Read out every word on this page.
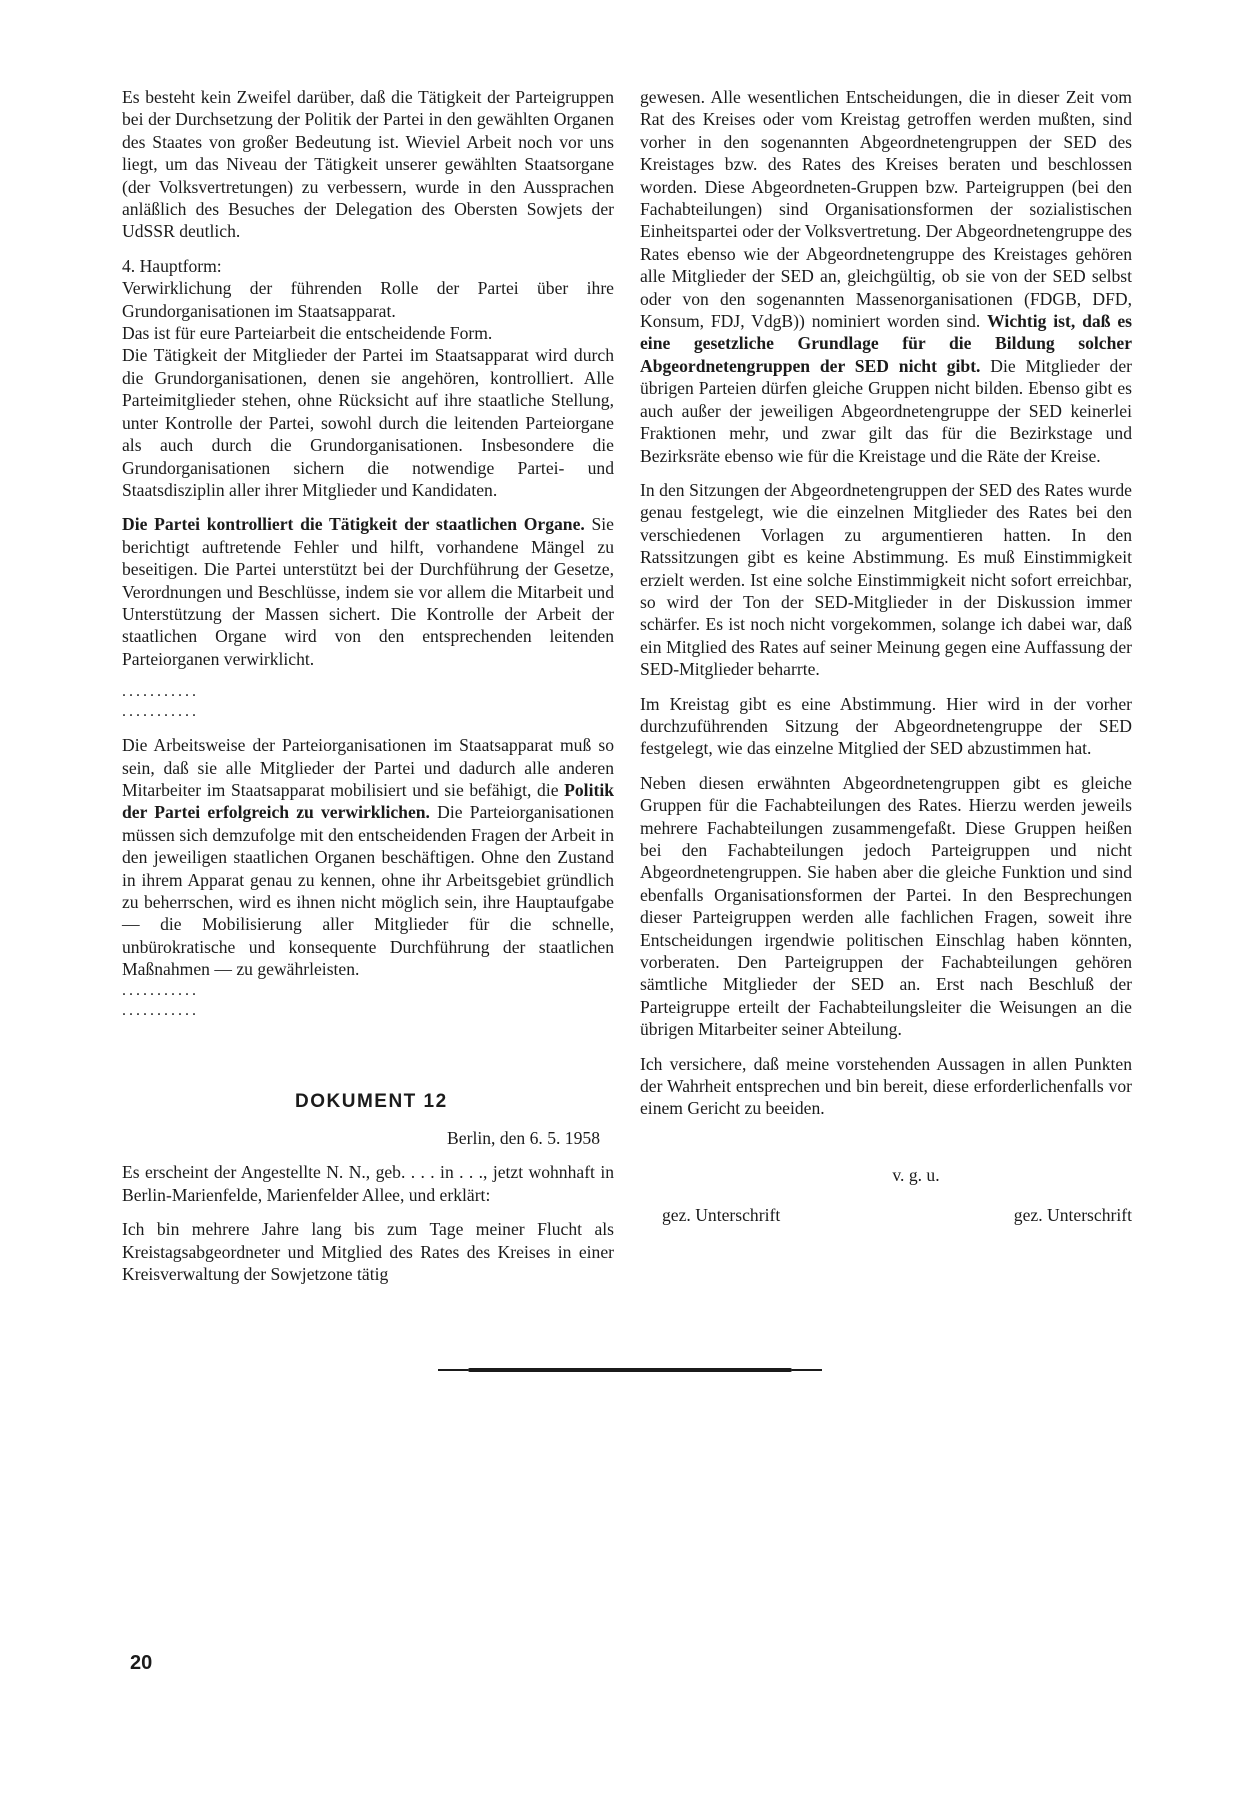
Es besteht kein Zweifel darüber, daß die Tätigkeit der Parteigruppen bei der Durchsetzung der Politik der Partei in den gewählten Organen des Staates von großer Bedeutung ist. Wieviel Arbeit noch vor uns liegt, um das Niveau der Tätigkeit unserer gewählten Staatsorgane (der Volksvertretungen) zu verbessern, wurde in den Aussprachen anläßlich des Besuches der Delegation des Obersten Sowjets der UdSSR deutlich.

4. Hauptform:

Verwirklichung der führenden Rolle der Partei über ihre Grundorganisationen im Staatsapparat.

Das ist für eure Parteiarbeit die entscheidende Form.

Die Tätigkeit der Mitglieder der Partei im Staatsapparat wird durch die Grundorganisationen, denen sie angehören, kontrolliert. Alle Parteimitglieder stehen, ohne Rücksicht auf ihre staatliche Stellung, unter Kontrolle der Partei, sowohl durch die leitenden Parteiorgane als auch durch die Grundorganisationen. Insbesondere die Grundorganisationen sichern die notwendige Partei- und Staatsdisziplin aller ihrer Mitglieder und Kandidaten.

Die Partei kontrolliert die Tätigkeit der staatlichen Organe. Sie berichtigt auftretende Fehler und hilft, vorhandene Mängel zu beseitigen. Die Partei unterstützt bei der Durchführung der Gesetze, Verordnungen und Beschlüsse, indem sie vor allem die Mitarbeit und Unterstützung der Massen sichert. Die Kontrolle der Arbeit der staatlichen Organe wird von den entsprechenden leitenden Parteiorganen verwirklicht.

...........

...........

Die Arbeitsweise der Parteiorganisationen im Staatsapparat muß so sein, daß sie alle Mitglieder der Partei und dadurch alle anderen Mitarbeiter im Staatsapparat mobilisiert und sie befähigt, die Politik der Partei erfolgreich zu verwirklichen. Die Parteiorganisationen müssen sich demzufolge mit den entscheidenden Fragen der Arbeit in den jeweiligen staatlichen Organen beschäftigen. Ohne den Zustand in ihrem Apparat genau zu kennen, ohne ihr Arbeitsgebiet gründlich zu beherrschen, wird es ihnen nicht möglich sein, ihre Hauptaufgabe — die Mobilisierung aller Mitglieder für die schnelle, unbürokratische und konsequente Durchführung der staatlichen Maßnahmen — zu gewährleisten.

...........

...........

DOKUMENT 12

Berlin, den 6. 5. 1958

Es erscheint der Angestellte N. N., geb. . . . in . . ., jetzt wohnhaft in Berlin-Marienfelde, Marienfelder Allee, und erklärt:

Ich bin mehrere Jahre lang bis zum Tage meiner Flucht als Kreistagsabgeordneter und Mitglied des Rates des Kreises in einer Kreisverwaltung der Sowjetzone tätig

gewesen. Alle wesentlichen Entscheidungen, die in dieser Zeit vom Rat des Kreises oder vom Kreistag getroffen werden mußten, sind vorher in den sogenannten Abgeordnetengruppen der SED des Kreistages bzw. des Rates des Kreises beraten und beschlossen worden. Diese Abgeordneten-Gruppen bzw. Parteigruppen (bei den Fachabteilungen) sind Organisationsformen der sozialistischen Einheitspartei oder der Volksvertretung. Der Abgeordnetengruppe des Rates ebenso wie der Abgeordnetengruppe des Kreistages gehören alle Mitglieder der SED an, gleichgültig, ob sie von der SED selbst oder von den sogenannten Massenorganisationen (FDGB, DFD, Konsum, FDJ, VdgB)) nominiert worden sind. Wichtig ist, daß es eine gesetzliche Grundlage für die Bildung solcher Abgeordnetengruppen der SED nicht gibt. Die Mitglieder der übrigen Parteien dürfen gleiche Gruppen nicht bilden. Ebenso gibt es auch außer der jeweiligen Abgeordnetengruppe der SED keinerlei Fraktionen mehr, und zwar gilt das für die Bezirkstage und Bezirksräte ebenso wie für die Kreistage und die Räte der Kreise.

In den Sitzungen der Abgeordnetengruppen der SED des Rates wurde genau festgelegt, wie die einzelnen Mitglieder des Rates bei den verschiedenen Vorlagen zu argumentieren hatten. In den Ratssitzungen gibt es keine Abstimmung. Es muß Einstimmigkeit erzielt werden. Ist eine solche Einstimmigkeit nicht sofort erreichbar, so wird der Ton der SED-Mitglieder in der Diskussion immer schärfer. Es ist noch nicht vorgekommen, solange ich dabei war, daß ein Mitglied des Rates auf seiner Meinung gegen eine Auffassung der SED-Mitglieder beharrte.

Im Kreistag gibt es eine Abstimmung. Hier wird in der vorher durchzuführenden Sitzung der Abgeordnetengruppe der SED festgelegt, wie das einzelne Mitglied der SED abzustimmen hat.

Neben diesen erwähnten Abgeordnetengruppen gibt es gleiche Gruppen für die Fachabteilungen des Rates. Hierzu werden jeweils mehrere Fachabteilungen zusammengefaßt. Diese Gruppen heißen bei den Fachabteilungen jedoch Parteigruppen und nicht Abgeordnetengruppen. Sie haben aber die gleiche Funktion und sind ebenfalls Organisationsformen der Partei. In den Besprechungen dieser Parteigruppen werden alle fachlichen Fragen, soweit ihre Entscheidungen irgendwie politischen Einschlag haben könnten, vorberaten. Den Parteigruppen der Fachabteilungen gehören sämtliche Mitglieder der SED an. Erst nach Beschluß der Parteigruppe erteilt der Fachabteilungsleiter die Weisungen an die übrigen Mitarbeiter seiner Abteilung.

Ich versichere, daß meine vorstehenden Aussagen in allen Punkten der Wahrheit entsprechen und bin bereit, diese erforderlichenfalls vor einem Gericht zu beeiden.

v. g. u.

gez. Unterschrift	gez. Unterschrift
20
